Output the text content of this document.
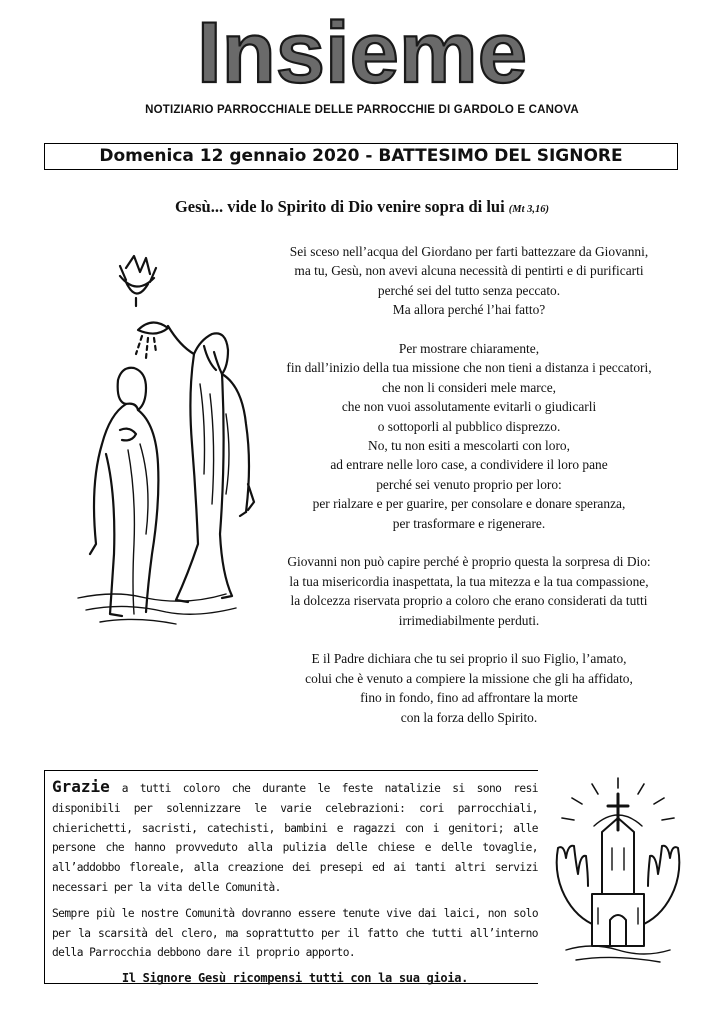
Insieme
NOTIZIARIO PARROCCHIALE DELLE PARROCCHIE DI GARDOLO E CANOVA
Domenica 12 gennaio 2020 - BATTESIMO DEL SIGNORE
Gesù... vide lo Spirito di Dio venire sopra di lui (Mt 3,16)

Sei sceso nell’acqua del Giordano per farti battezzare da Giovanni,
ma tu, Gesù, non avevi alcuna necessità di pentirti e di purificarti
perché sei del tutto senza peccato.
Ma allora perché l’hai fatto?

Per mostrare chiaramente,
fin dall’inizio della tua missione che non tieni a distanza i peccatori,
che non li consideri mele marce,
che non vuoi assolutamente evitarli o giudicarli
o sottoporli al pubblico disprezzo.
No, tu non esiti a mescolarti con loro,
ad entrare nelle loro case, a condividere il loro pane
perché sei venuto proprio per loro:
per rialzare e per guarire, per consolare e donare speranza,
per trasformare e rigenerare.

Giovanni non può capire perché è proprio questa la sorpresa di Dio:
la tua misericordia inaspettata, la tua mitezza e la tua compassione,
la dolcezza riservata proprio a coloro che erano considerati da tutti
irrimediabilmente perduti.

E il Padre dichiara che tu sei proprio il suo Figlio, l’amato,
colui che è venuto a compiere la missione che gli ha affidato,
fino in fondo, fino ad affrontare la morte
con la forza dello Spirito.

Grazie a tutti coloro che durante le feste natalizie si sono resi disponibili per solennizzare le varie celebrazioni: cori parrocchiali, chierichetti, sacristi, catechisti, bambini e ragazzi con i genitori; alle persone che hanno provveduto alla pulizia delle chiese e delle tovaglie, all’addobbo floreale, alla creazione dei presepi ed ai tanti altri servizi necessari per la vita delle Comunità.

Sempre più le nostre Comunità dovranno essere tenute vive dai laici, non solo per la scarsità del clero, ma soprattutto per il fatto che tutti all’interno della Parrocchia debbono dare il proprio apporto.

Il Signore Gesù ricompensi tutti con la sua gioia.
